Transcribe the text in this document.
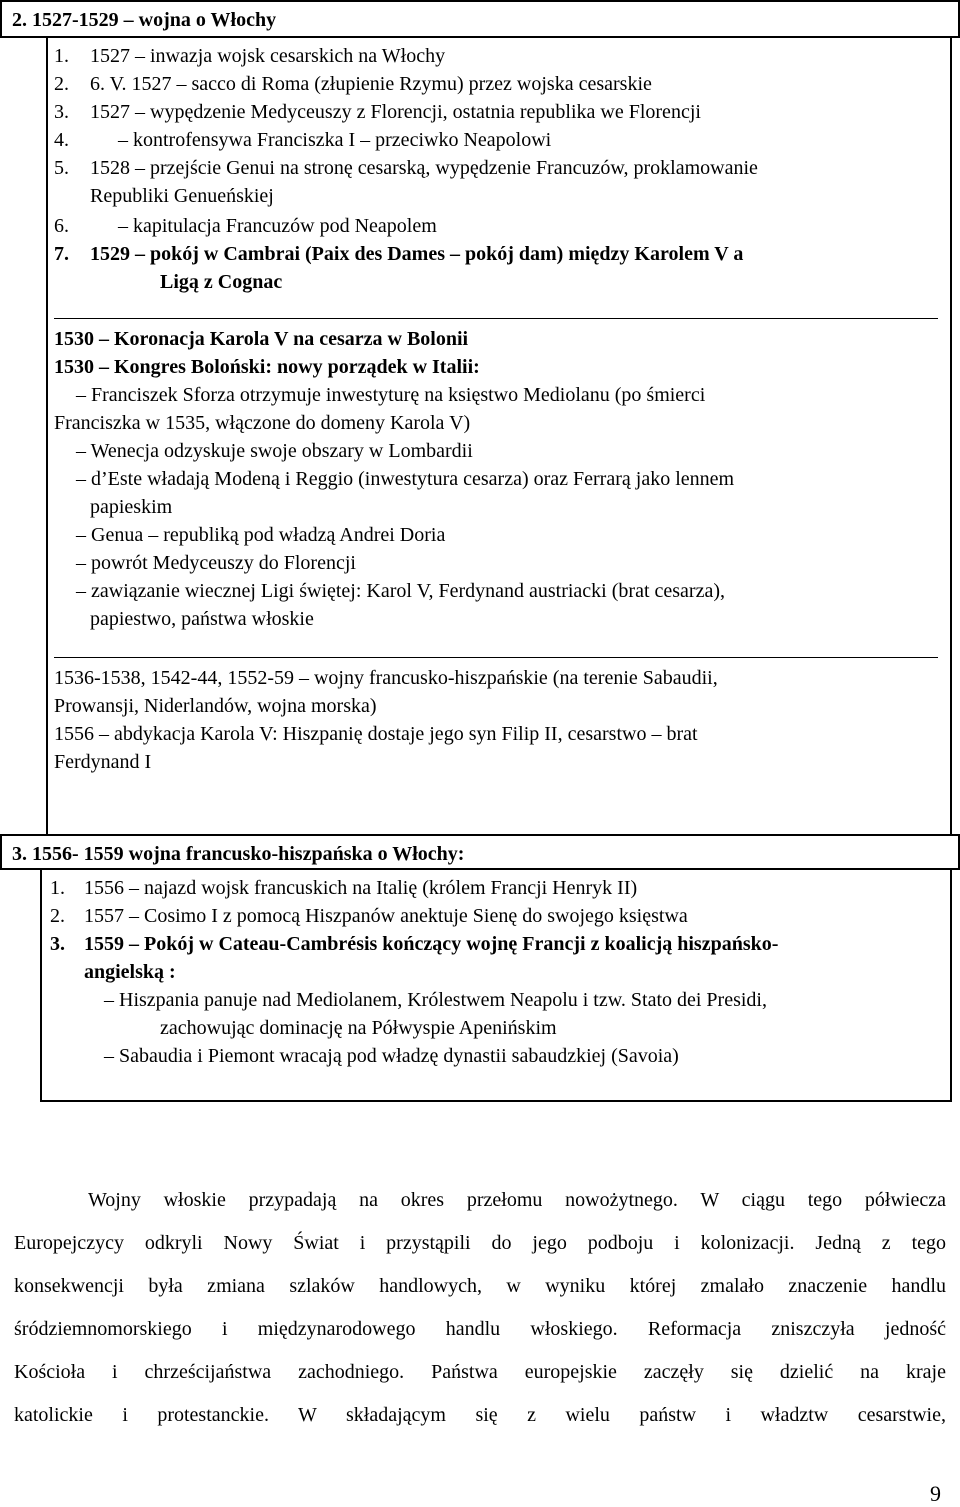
2. 1527-1529 – wojna o Włochy
1. 1527 – inwazja wojsk cesarskich na Włochy
2. 6. V. 1527 – sacco di Roma (złupienie Rzymu) przez wojska cesarskie
3. 1527 – wypędzenie Medyceuszy z Florencji, ostatnia republika we Florencji
4. – kontrofensywa Franciszka I – przeciwko Neapolowi
5. 1528 – przejście Genui na stronę cesarską, wypędzenie Francuzów, proklamowanie
Republiki Genueńskiej
6. – kapitulacja Francuzów pod Neapolem
7. 1529 – pokój w Cambrai (Paix des Dames – pokój dam) między Karolem V a
Ligą z Cognac
1530 – Koronacja Karola V na cesarza w Bolonii
1530 – Kongres Boloński: nowy porządek w Italii:
– Franciszek Sforza otrzymuje inwestyturę na księstwo Mediolanu (po śmierci
Franciszka w 1535, włączone do domeny Karola V)
– Wenecja odzyskuje swoje obszary w Lombardii
– d’Este władają Modeną i Reggio (inwestytura cesarza) oraz Ferrarą jako lennem
papieskim
– Genua – republiką pod władzą Andrei Doria
– powrót Medyceuszy do Florencji
– zawiązanie wiecznej Ligi świętej: Karol V, Ferdynand austriacki (brat cesarza),
papiestwo, państwa włoskie
1536-1538, 1542-44, 1552-59 – wojny francusko-hiszpańskie (na terenie Sabaudii,
Prowansji, Niderlandów, wojna morska)
1556 – abdykacja Karola V: Hiszpanię dostaje jego syn Filip II, cesarstwo – brat
Ferdynand I
3. 1556- 1559 wojna francusko-hiszpańska o Włochy:
1. 1556 – najazd wojsk francuskich na Italię (królem Francji Henryk II)
2. 1557 – Cosimo I z pomocą Hiszpanów anektuje Sienę do swojego księstwa
3. 1559 – Pokój w Cateau-Cambrésis kończący wojnę Francji z koalicją hiszpańsko-
angielską :
– Hiszpania panuje nad Mediolanem, Królestwem Neapolu i tzw. Stato dei Presidi,
zachowując dominację na Półwyspie Apenińskim
– Sabaudia i Piemont wracają pod władzę dynastii sabaudzkiej (Savoia)
Wojny włoskie przypadają na okres przełomu nowożytnego. W ciągu tego półwiecza
Europejczycy odkryli Nowy Świat i przystąpili do jego podboju i kolonizacji. Jedną z tego
konsekwencji była zmiana szlaków handlowych, w wyniku której zmalało znaczenie handlu
śródziemnomorskiego i międzynarodowego handlu włoskiego. Reformacja zniszczyła jedność
Kościoła i chrześcijaństwa zachodniego. Państwa europejskie zaczęły się dzielić na kraje
katolickie i protestanckie. W składającym się z wielu państw i władztw cesarstwie,
9
